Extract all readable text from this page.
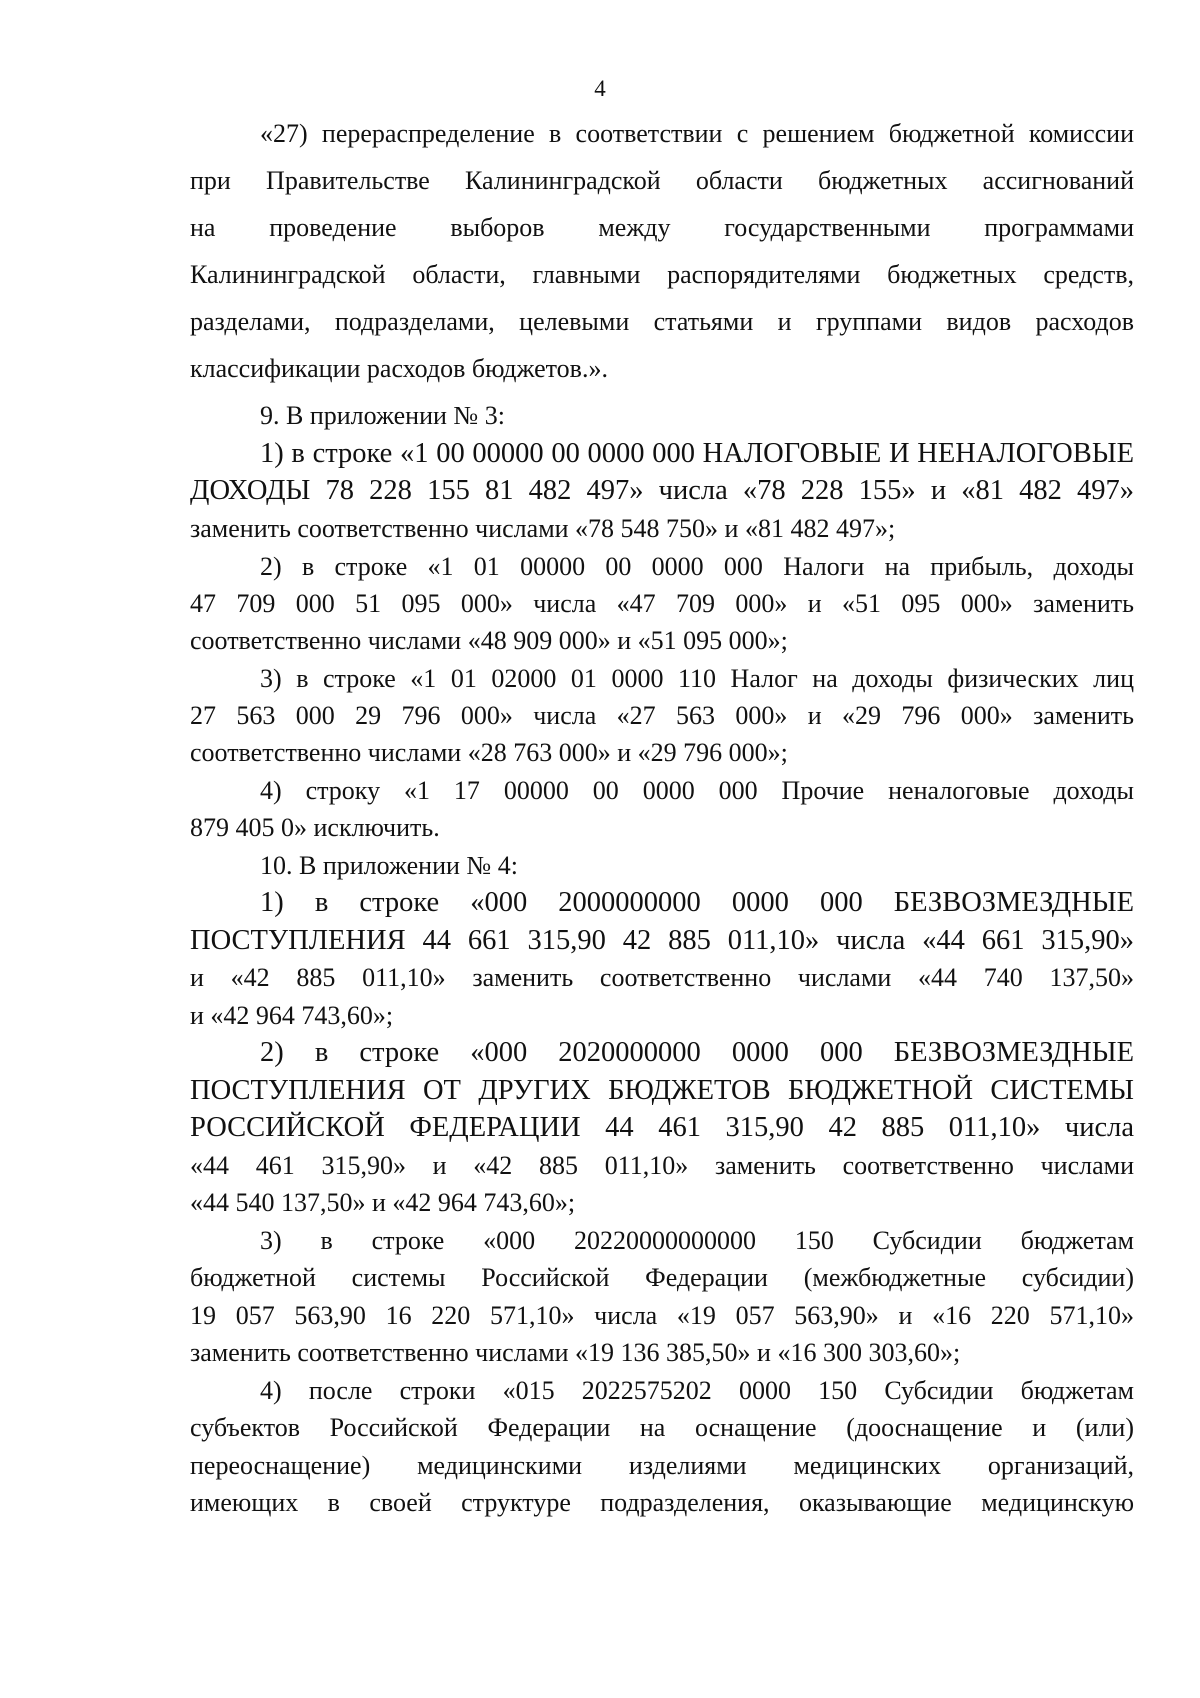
4
«27) перераспределение в соответствии с решением бюджетной комиссии
при Правительстве Калининградской области бюджетных ассигнований
на проведение выборов между государственными программами
Калининградской области, главными распорядителями бюджетных средств,
разделами, подразделами, целевыми статьями и группами видов расходов
классификации расходов бюджетов.».
9. В приложении № 3:
1) в строке «1 00 00000 00 0000 000 НАЛОГОВЫЕ И НЕНАЛОГОВЫЕ
ДОХОДЫ 78 228 155 81 482 497» числа «78 228 155» и «81 482 497»
заменить соответственно числами «78 548 750» и «81 482 497»;
2) в строке «1 01 00000 00 0000 000 Налоги на прибыль, доходы
47 709 000 51 095 000» числа «47 709 000» и «51 095 000» заменить
соответственно числами «48 909 000» и «51 095 000»;
3) в строке «1 01 02000 01 0000 110 Налог на доходы физических лиц
27 563 000 29 796 000» числа «27 563 000» и «29 796 000» заменить
соответственно числами «28 763 000» и «29 796 000»;
4) строку «1 17 00000 00 0000 000 Прочие неналоговые доходы
879 405 0» исключить.
10. В приложении № 4:
1) в строке «000 2000000000 0000 000 БЕЗВОЗМЕЗДНЫЕ
ПОСТУПЛЕНИЯ 44 661 315,90 42 885 011,10» числа «44 661 315,90»
и «42 885 011,10» заменить соответственно числами «44 740 137,50»
и «42 964 743,60»;
2) в строке «000 2020000000 0000 000 БЕЗВОЗМЕЗДНЫЕ
ПОСТУПЛЕНИЯ ОТ ДРУГИХ БЮДЖЕТОВ БЮДЖЕТНОЙ СИСТЕМЫ
РОССИЙСКОЙ ФЕДЕРАЦИИ 44 461 315,90 42 885 011,10» числа
«44 461 315,90» и «42 885 011,10» заменить соответственно числами
«44 540 137,50» и «42 964 743,60»;
3) в строке «000 20220000000000 150 Субсидии бюджетам
бюджетной системы Российской Федерации (межбюджетные субсидии)
19 057 563,90 16 220 571,10» числа «19 057 563,90» и «16 220 571,10»
заменить соответственно числами «19 136 385,50» и «16 300 303,60»;
4) после строки «015 2022575202 0000 150 Субсидии бюджетам
субъектов Российской Федерации на оснащение (дооснащение и (или)
переоснащение) медицинскими изделиями медицинских организаций,
имеющих в своей структуре подразделения, оказывающие медицинскую
